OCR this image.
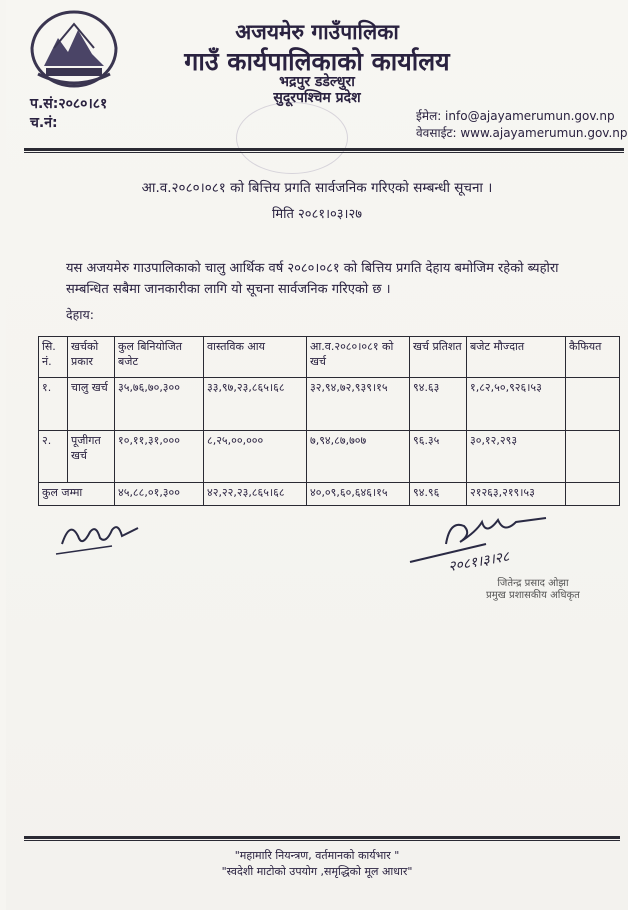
अजयमेरु गाउँपालिका
गाउँ कार्यपालिकाको कार्यालय
भद्रपुर डडेल्धुरा
सुदूरपश्चिम प्रदेश
प.सं:२०८०।८१
च.नं:	ईमेल: info@ajayamerumun.gov.np
वेवसाईट: www.ajayamerumun.gov.np
आ.व.२०८०।०८१ को बित्तिय प्रगति सार्वजनिक गरिएको सम्बन्धी सूचना ।
मिति २०८१।०३।२७
यस अजयमेरु गाउपालिकाको चालु आर्थिक वर्ष २०८०।०८१ को बित्तिय प्रगति देहाय बमोजिम रहेको ब्यहोरा सम्बन्धित सबैमा जानकारीका लागि यो सूचना सार्वजनिक गरिएको छ ।
देहाय:
सि. नं.	खर्चको प्रकार	कुल बिनियोजित बजेट	वास्तविक आय	आ.व.२०८०।०८१ को खर्च	खर्च प्रतिशत	बजेट मौज्दात	कैफियत
१.	चालु खर्च	३५,७६,७०,३००	३३,९७,२३,८६५।६८	३२,९४,७२,९३९।१५	९४.६३	१,८२,५०,९२६।५३	
२.	पूजीगत खर्च	१०,११,३१,०००	८,२५,००,०००	७,९४,८७,७०७	९६.३५	३०,१२,२९३	
कुल जम्मा		४५,८८,०१,३००	४२,२२,२३,८६५।६८	४०,०९,६०,६४६।१५	९४.९६	२१२६३,२१९।५३	
२०८१।३।२८
जितेन्द्र प्रसाद ओझा
प्रमुख प्रशासकीय अधिकृत
"महामारि नियन्त्रण, वर्तमानको कार्यभार "
"स्वदेशी माटोको उपयोग ,समृद्धिको मूल आधार"
